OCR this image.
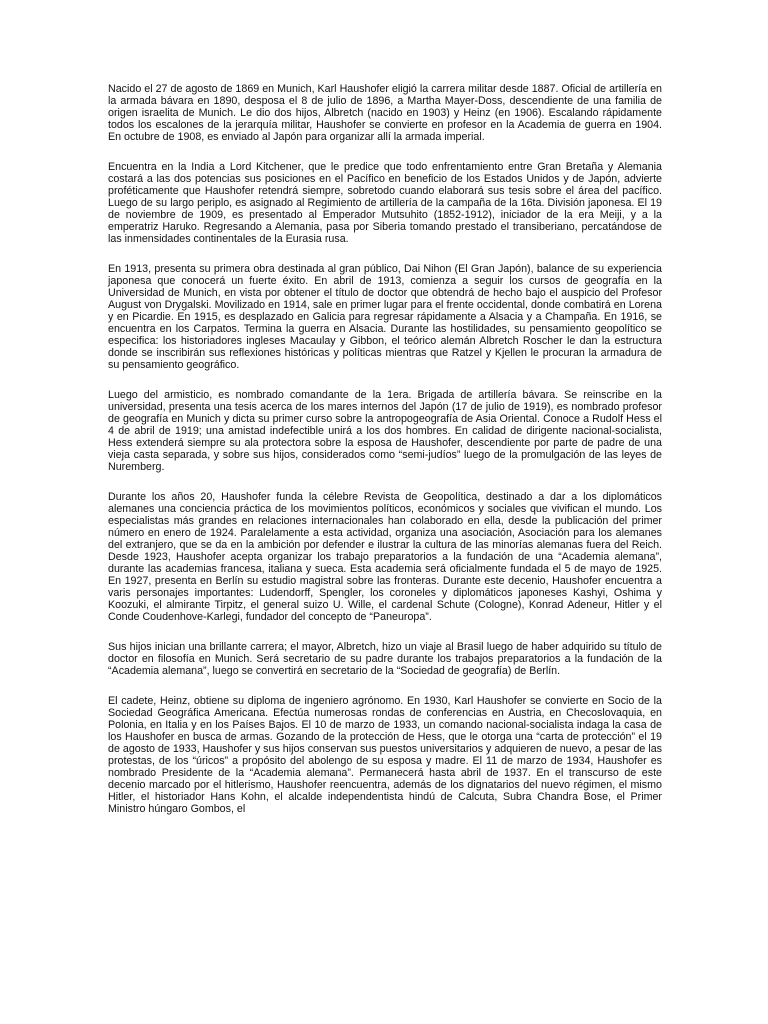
Nacido el 27 de agosto de 1869 en Munich, Karl Haushofer eligió la carrera militar desde 1887. Oficial de artillería en la armada bávara en 1890, desposa el 8 de julio de 1896, a Martha Mayer-Doss, descendiente de una familia de origen israelita de Munich. Le dio dos hijos, Albretch (nacido en 1903) y Heinz (en 1906). Escalando rápidamente todos los escalones de la jerarquía militar, Haushofer se convierte en profesor en la Academia de guerra en 1904. En octubre de 1908, es enviado al Japón para organizar allí la armada imperial.

Encuentra en la India a Lord Kitchener, que le predice que todo enfrentamiento entre Gran Bretaña y Alemania costará a las dos potencias sus posiciones en el Pacífico en beneficio de los Estados Unidos y de Japón, advierte proféticamente que Haushofer retendrá siempre, sobretodo cuando elaborará sus tesis sobre el área del pacífico. Luego de su largo periplo, es asignado al Regimiento de artillería de la campaña de la 16ta. División japonesa. El 19 de noviembre de 1909, es presentado al Emperador Mutsuhito (1852-1912), iniciador de la era Meiji, y a la emperatriz Haruko. Regresando a Alemania, pasa por Siberia tomando prestado el transiberiano, percatándose de las inmensidades continentales de la Eurasia rusa.

En 1913, presenta su primera obra destinada al gran público, Dai Nihon (El Gran Japón), balance de su experiencia japonesa que conocerá un fuerte éxito. En abril de 1913, comienza a seguir los cursos de geografía en la Universidad de Munich, en vista por obtener el título de doctor que obtendrá de hecho bajo el auspicio del Profesor August von Drygalski. Movilizado en 1914, sale en primer lugar para el frente occidental, donde combatirá en Lorena y en Picardie. En 1915, es desplazado en Galicia para regresar rápidamente a Alsacia y a Champaña. En 1916, se encuentra en los Carpatos. Termina la guerra en Alsacia. Durante las hostilidades, su pensamiento geopolítico se especifica: los historiadores ingleses Macaulay y Gibbon, el teórico alemán Albretch Roscher le dan la estructura donde se inscribirán sus reflexiones históricas y políticas mientras que Ratzel y Kjellen le procuran la armadura de su pensamiento geográfico.

Luego del armisticio, es nombrado comandante de la 1era. Brigada de artillería bávara. Se reinscribe en la universidad, presenta una tesis acerca de los mares internos del Japón (17 de julio de 1919), es nombrado profesor de geografía en Munich y dicta su primer curso sobre la antropogeografía de Asia Oriental. Conoce a Rudolf Hess el 4 de abril de 1919; una amistad indefectible unirá a los dos hombres. En calidad de dirigente nacional-socialista, Hess extenderá siempre su ala protectora sobre la esposa de Haushofer, descendiente por parte de padre de una vieja casta separada, y sobre sus hijos, considerados como “semi-judíos” luego de la promulgación de las leyes de Nuremberg.

Durante los años 20, Haushofer funda la célebre Revista de Geopolítica, destinado a dar a los diplomáticos alemanes una conciencia práctica de los movimientos políticos, económicos y sociales que vivifican el mundo. Los especialistas más grandes en relaciones internacionales han colaborado en ella, desde la publicación del primer número en enero de 1924. Paralelamente a esta actividad, organiza una asociación, Asociación para los alemanes del extranjero, que se da en la ambición por defender e ilustrar la cultura de las minorías alemanas fuera del Reich. Desde 1923, Haushofer acepta organizar los trabajo preparatorios a la fundación de una “Academia alemana”, durante las academias francesa, italiana y sueca. Esta academia será oficialmente fundada el 5 de mayo de 1925. En 1927, presenta en Berlín su estudio magistral sobre las fronteras. Durante este decenio, Haushofer encuentra a varis personajes importantes: Ludendorff, Spengler, los coroneles y diplomáticos japoneses Kashyi, Oshima y Koozuki, el almirante Tirpitz, el general suizo U. Wille, el cardenal Schute (Cologne), Konrad Adeneur, Hitler y el Conde Coudenhove-Karlegi, fundador del concepto de “Paneuropa”.

Sus hijos inician una brillante carrera; el mayor, Albretch, hizo un viaje al Brasil luego de haber adquirido su título de doctor en filosofía en Munich. Será secretario de su padre durante los trabajos preparatorios a la fundación de la “Academia alemana”, luego se convertirá en secretario de la “Sociedad de geografía) de Berlín.

El cadete, Heinz, obtiene su diploma de ingeniero agrónomo. En 1930, Karl Haushofer se convierte en Socio de la Sociedad Geográfica Americana. Efectúa numerosas rondas de conferencias en Austria, en Checoslovaquia, en Polonia, en Italia y en los Países Bajos. El 10 de marzo de 1933, un comando nacional-socialista indaga la casa de los Haushofer en busca de armas. Gozando de la protección de Hess, que le otorga una “carta de protección” el 19 de agosto de 1933, Haushofer y sus hijos conservan sus puestos universitarios y adquieren de nuevo, a pesar de las protestas, de los “úricos” a propósito del abolengo de su esposa y madre. El 11 de marzo de 1934, Haushofer es nombrado Presidente de la “Academia alemana”. Permanecerá hasta abril de 1937. En el transcurso de este decenio marcado por el hitlerismo, Haushofer reencuentra, además de los dignatarios del nuevo régimen, el mismo Hitler, el historiador Hans Kohn, el alcalde independentista hindú de Calcuta, Subra Chandra Bose, el Primer Ministro húngaro Gombos, el
